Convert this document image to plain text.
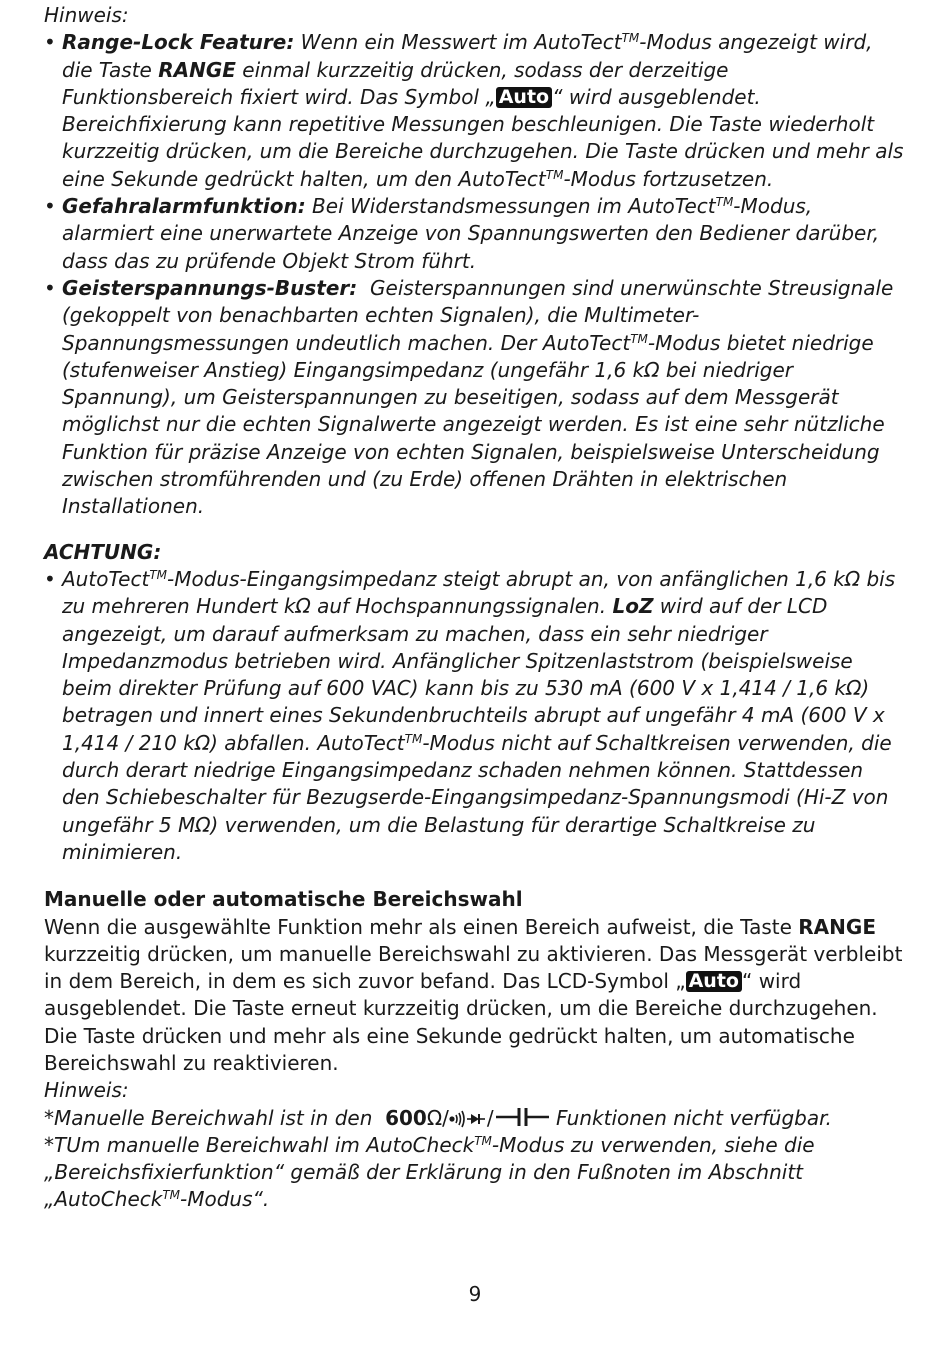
Hinweis:

• Range-Lock Feature: Wenn ein Messwert im AutoTect™-Modus angezeigt wird, die Taste RANGE einmal kurzzeitig drücken, sodass der derzeitige Funktionsbereich fixiert wird. Das Symbol „ Auto “ wird ausgeblendet. Bereichfixierung kann repetitive Messungen beschleunigen. Die Taste wiederholt kurzzeitig drücken, um die Bereiche durchzugehen. Die Taste drücken und mehr als eine Sekunde gedrückt halten, um den AutoTect™-Modus fortzusetzen.
• Gefahralarmfunktion: Bei Widerstandsmessungen im AutoTect™-Modus, alarmiert eine unerwartete Anzeige von Spannungswerten den Bediener darüber, dass das zu prüfende Objekt Strom führt.
• Geisterspannungs-Buster:  Geisterspannungen sind unerwünschte Streusignale (gekoppelt von benachbarten echten Signalen), die Multimeter-Spannungsmessungen undeutlich machen. Der AutoTect™-Modus bietet niedrige (stufenweiser Anstieg) Eingangsimpedanz (ungefähr 1,6 kΩ bei niedriger Spannung), um Geisterspannungen zu beseitigen, sodass auf dem Messgerät möglichst nur die echten Signalwerte angezeigt werden. Es ist eine sehr nützliche Funktion für präzise Anzeige von echten Signalen, beispielsweise Unterscheidung zwischen stromführenden und (zu Erde) offenen Drähten in elektrischen Installationen.

ACHTUNG:

• AutoTect™-Modus-Eingangsimpedanz steigt abrupt an, von anfänglichen 1,6 kΩ bis zu mehreren Hundert kΩ auf Hochspannungssignalen. LoZ wird auf der LCD angezeigt, um darauf aufmerksam zu machen, dass ein sehr niedriger Impedanzmodus betrieben wird. Anfänglicher Spitzenlaststrom (beispielsweise beim direkter Prüfung auf 600 VAC) kann bis zu 530 mA (600 V x 1,414 / 1,6 kΩ) betragen und innert eines Sekundenbruchteils abrupt auf ungefähr 4 mA (600 V x 1,414 / 210 kΩ) abfallen. AutoTect™-Modus nicht auf Schaltkreisen verwenden, die durch derart niedrige Eingangsimpedanz schaden nehmen können. Stattdessen den Schiebeschalter für Bezugserde-Eingangsimpedanz-Spannungsmodi (Hi-Z von ungefähr 5 MΩ) verwenden, um die Belastung für derartige Schaltkreise zu minimieren.

Manuelle oder automatische Bereichswahl

Wenn die ausgewählte Funktion mehr als einen Bereich aufweist, die Taste RANGE kurzzeitig drücken, um manuelle Bereichswahl zu aktivieren. Das Messgerät verbleibt in dem Bereich, in dem es sich zuvor befand. Das LCD-Symbol „ Auto “ wird ausgeblendet. Die Taste erneut kurzzeitig drücken, um die Bereiche durchzugehen. Die Taste drücken und mehr als eine Sekunde gedrückt halten, um automatische Bereichswahl zu reaktivieren.

Hinweis:

*Manuelle Bereichwahl ist in den  600Ω/ /	Funktionen nicht verfügbar.

*TUm manuelle Bereichwahl im AutoCheck™-Modus zu verwenden, siehe die „Bereichsfixierfunktion“ gemäß der Erklärung in den Fußnoten im Abschnitt „AutoCheck™-Modus“.

9
